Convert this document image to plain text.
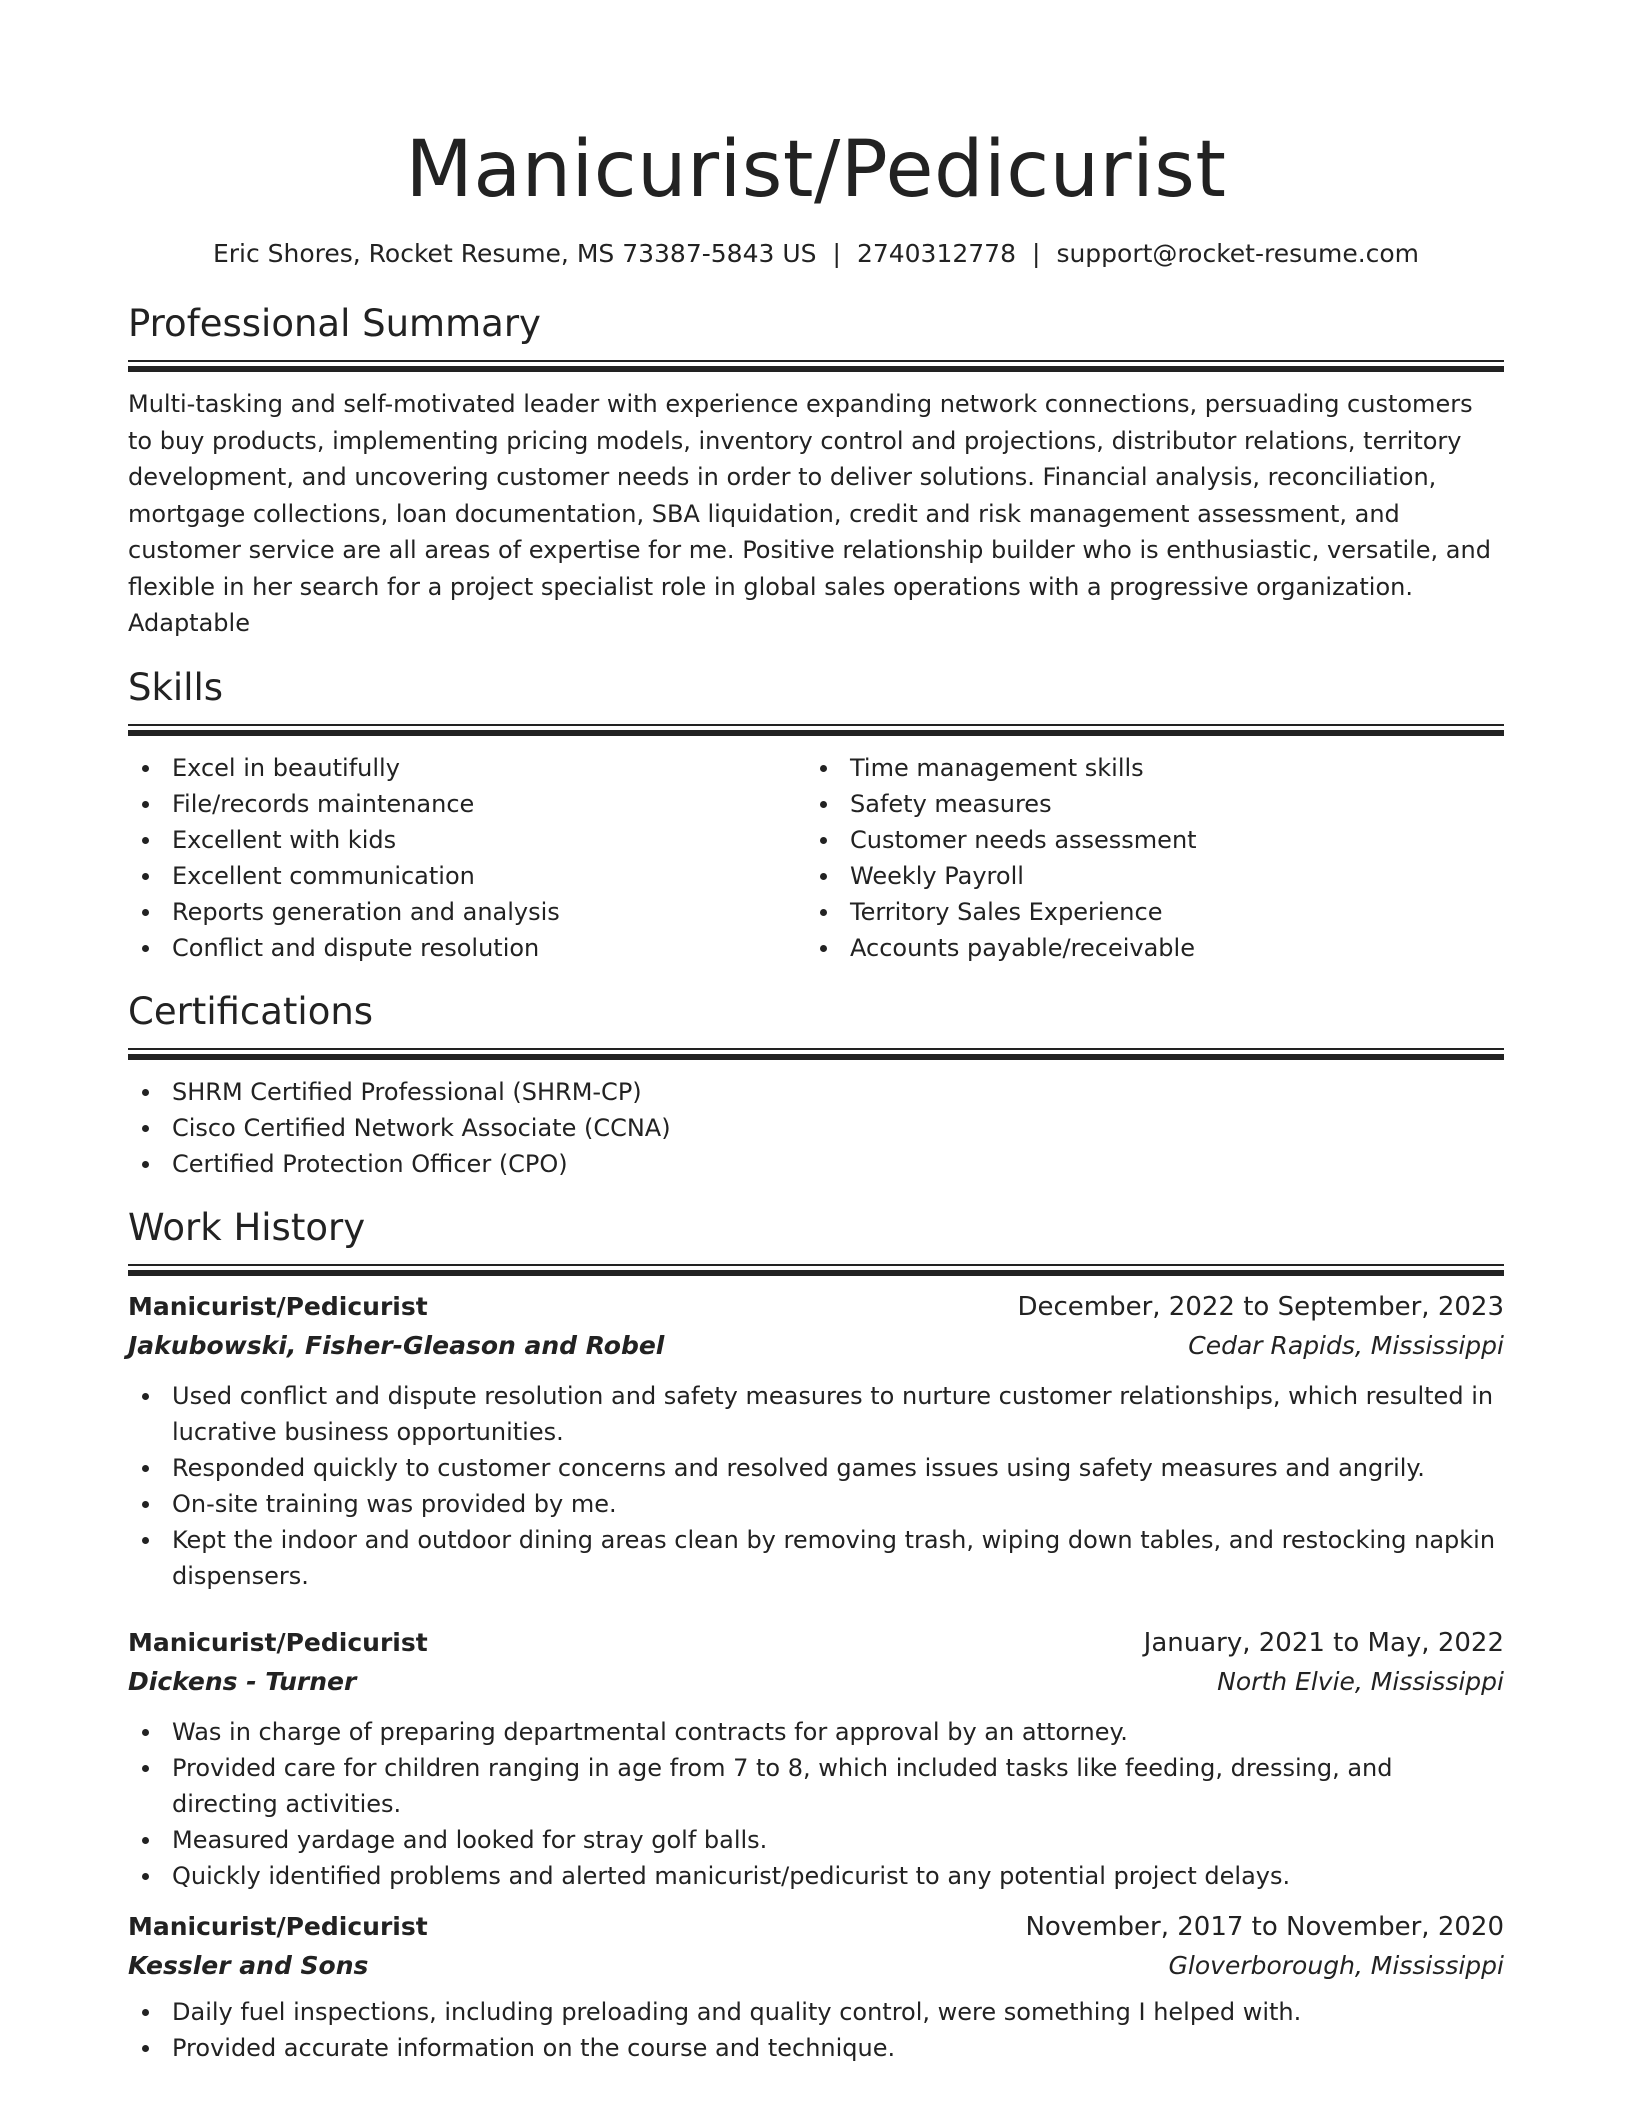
Manicurist/Pedicurist
Eric Shores, Rocket Resume, MS 73387-5843 US | 2740312778 | support@rocket-resume.com
Professional Summary

Multi-tasking and self-motivated leader with experience expanding network connections, persuading customers to buy products, implementing pricing models, inventory control and projections, distributor relations, territory development, and uncovering customer needs in order to deliver solutions. Financial analysis, reconciliation, mortgage collections, loan documentation, SBA liquidation, credit and risk management assessment, and customer service are all areas of expertise for me. Positive relationship builder who is enthusiastic, versatile, and flexible in her search for a project specialist role in global sales operations with a progressive organization. Adaptable

Skills
Excel in beautifully
File/records maintenance
Excellent with kids
Excellent communication
Reports generation and analysis
Conflict and dispute resolution
Time management skills
Safety measures
Customer needs assessment
Weekly Payroll
Territory Sales Experience
Accounts payable/receivable
Certifications
SHRM Certified Professional (SHRM-CP)
Cisco Certified Network Associate (CCNA)
Certified Protection Officer (CPO)
Work History
Manicurist/Pedicurist	December, 2022 to September, 2023
Jakubowski, Fisher-Gleason and Robel	Cedar Rapids, Mississippi
Used conflict and dispute resolution and safety measures to nurture customer relationships, which resulted in lucrative business opportunities.
Responded quickly to customer concerns and resolved games issues using safety measures and angrily.
On-site training was provided by me.
Kept the indoor and outdoor dining areas clean by removing trash, wiping down tables, and restocking napkin dispensers.
Manicurist/Pedicurist	January, 2021 to May, 2022
Dickens - Turner	North Elvie, Mississippi
Was in charge of preparing departmental contracts for approval by an attorney.
Provided care for children ranging in age from 7 to 8, which included tasks like feeding, dressing, and directing activities.
Measured yardage and looked for stray golf balls.
Quickly identified problems and alerted manicurist/pedicurist to any potential project delays.
Manicurist/Pedicurist	November, 2017 to November, 2020
Kessler and Sons	Gloverborough, Mississippi
Daily fuel inspections, including preloading and quality control, were something I helped with.
Provided accurate information on the course and technique.
